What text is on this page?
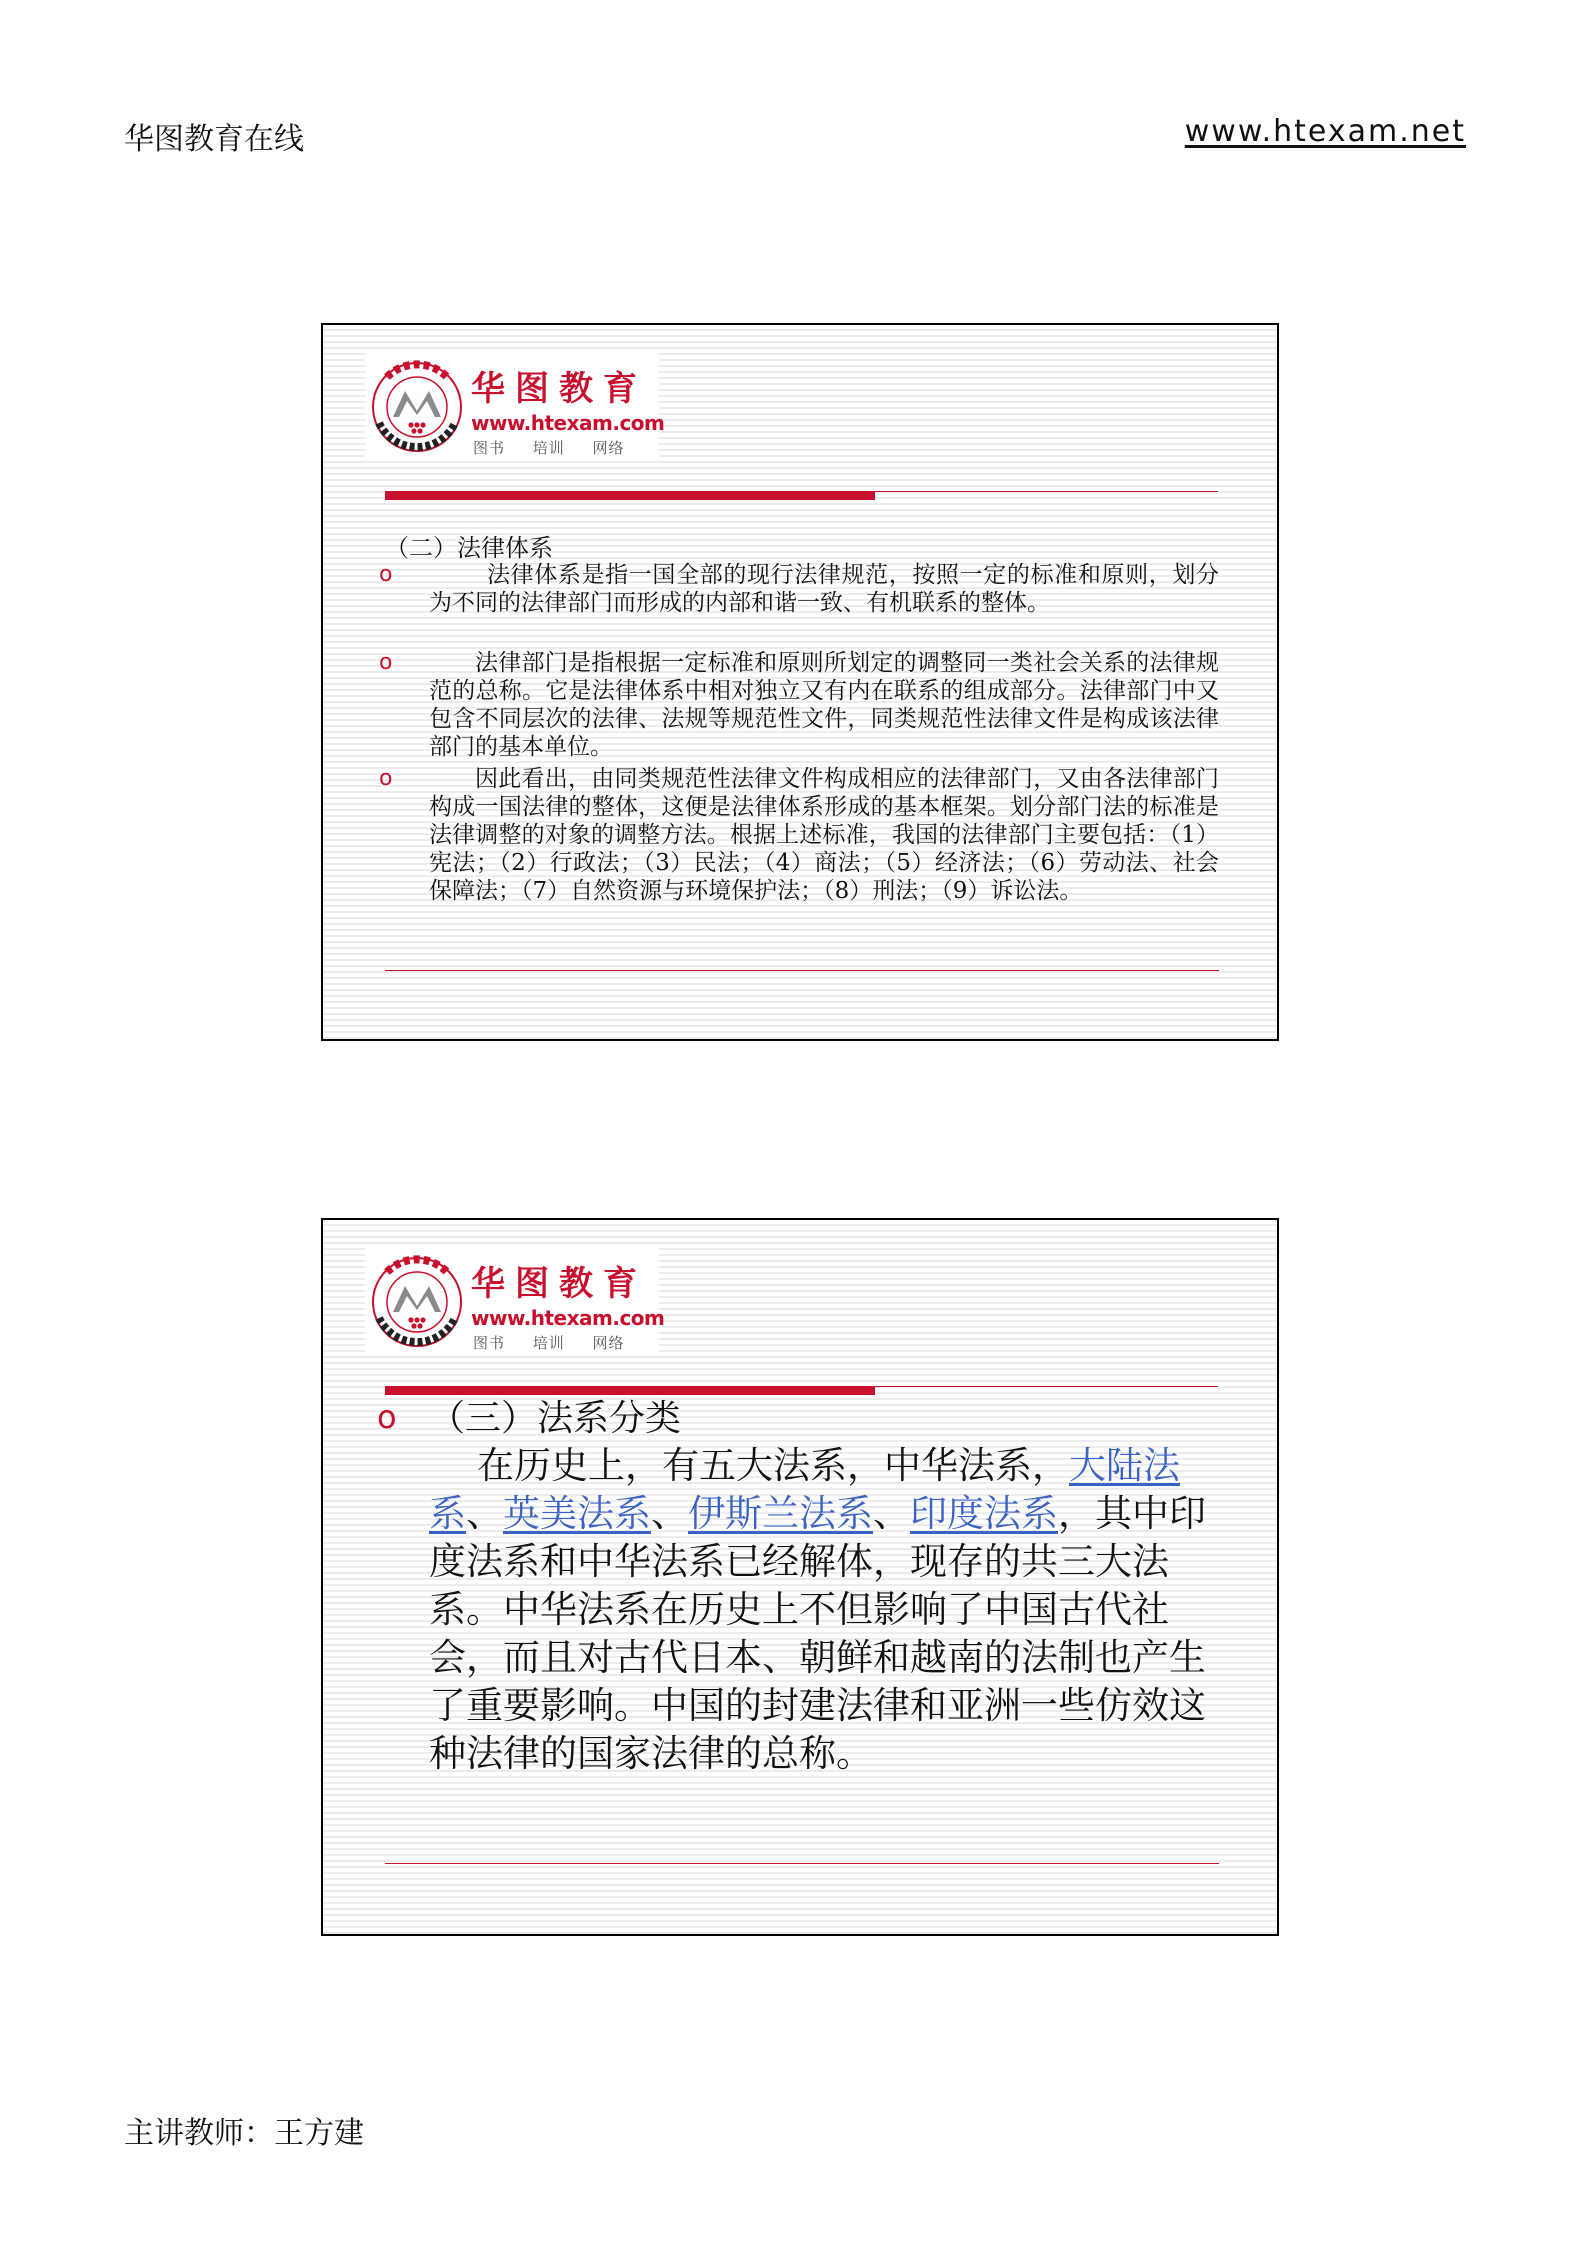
华图教育在线	www.htexam.net
华图教育
www.htexam.com
图书 培训 网络
（二）法律体系
o	法律体系是指一国全部的现行法律规范，按照一定的标准和原则，划分为不同的法律部门而形成的内部和谐一致、有机联系的整体。
o	法律部门是指根据一定标准和原则所划定的调整同一类社会关系的法律规范的总称。它是法律体系中相对独立又有内在联系的组成部分。法律部门中又包含不同层次的法律、法规等规范性文件，同类规范性法律文件是构成该法律部门的基本单位。
o	因此看出，由同类规范性法律文件构成相应的法律部门，又由各法律部门构成一国法律的整体，这便是法律体系形成的基本框架。划分部门法的标准是法律调整的对象的调整方法。根据上述标准，我国的法律部门主要包括：（1）宪法；（2）行政法；（3）民法；（4）商法；（5）经济法；（6）劳动法、社会保障法；（7）自然资源与环境保护法；（8）刑法；（9）诉讼法。
华图教育
www.htexam.com
图书 培训 网络
o （三）法系分类
在历史上，有五大法系，中华法系，大陆法系、英美法系、伊斯兰法系、印度法系，其中印度法系和中华法系已经解体，现存的共三大法系。中华法系在历史上不但影响了中国古代社会，而且对古代日本、朝鲜和越南的法制也产生了重要影响。中国的封建法律和亚洲一些仿效这种法律的国家法律的总称。
主讲教师：王方建
